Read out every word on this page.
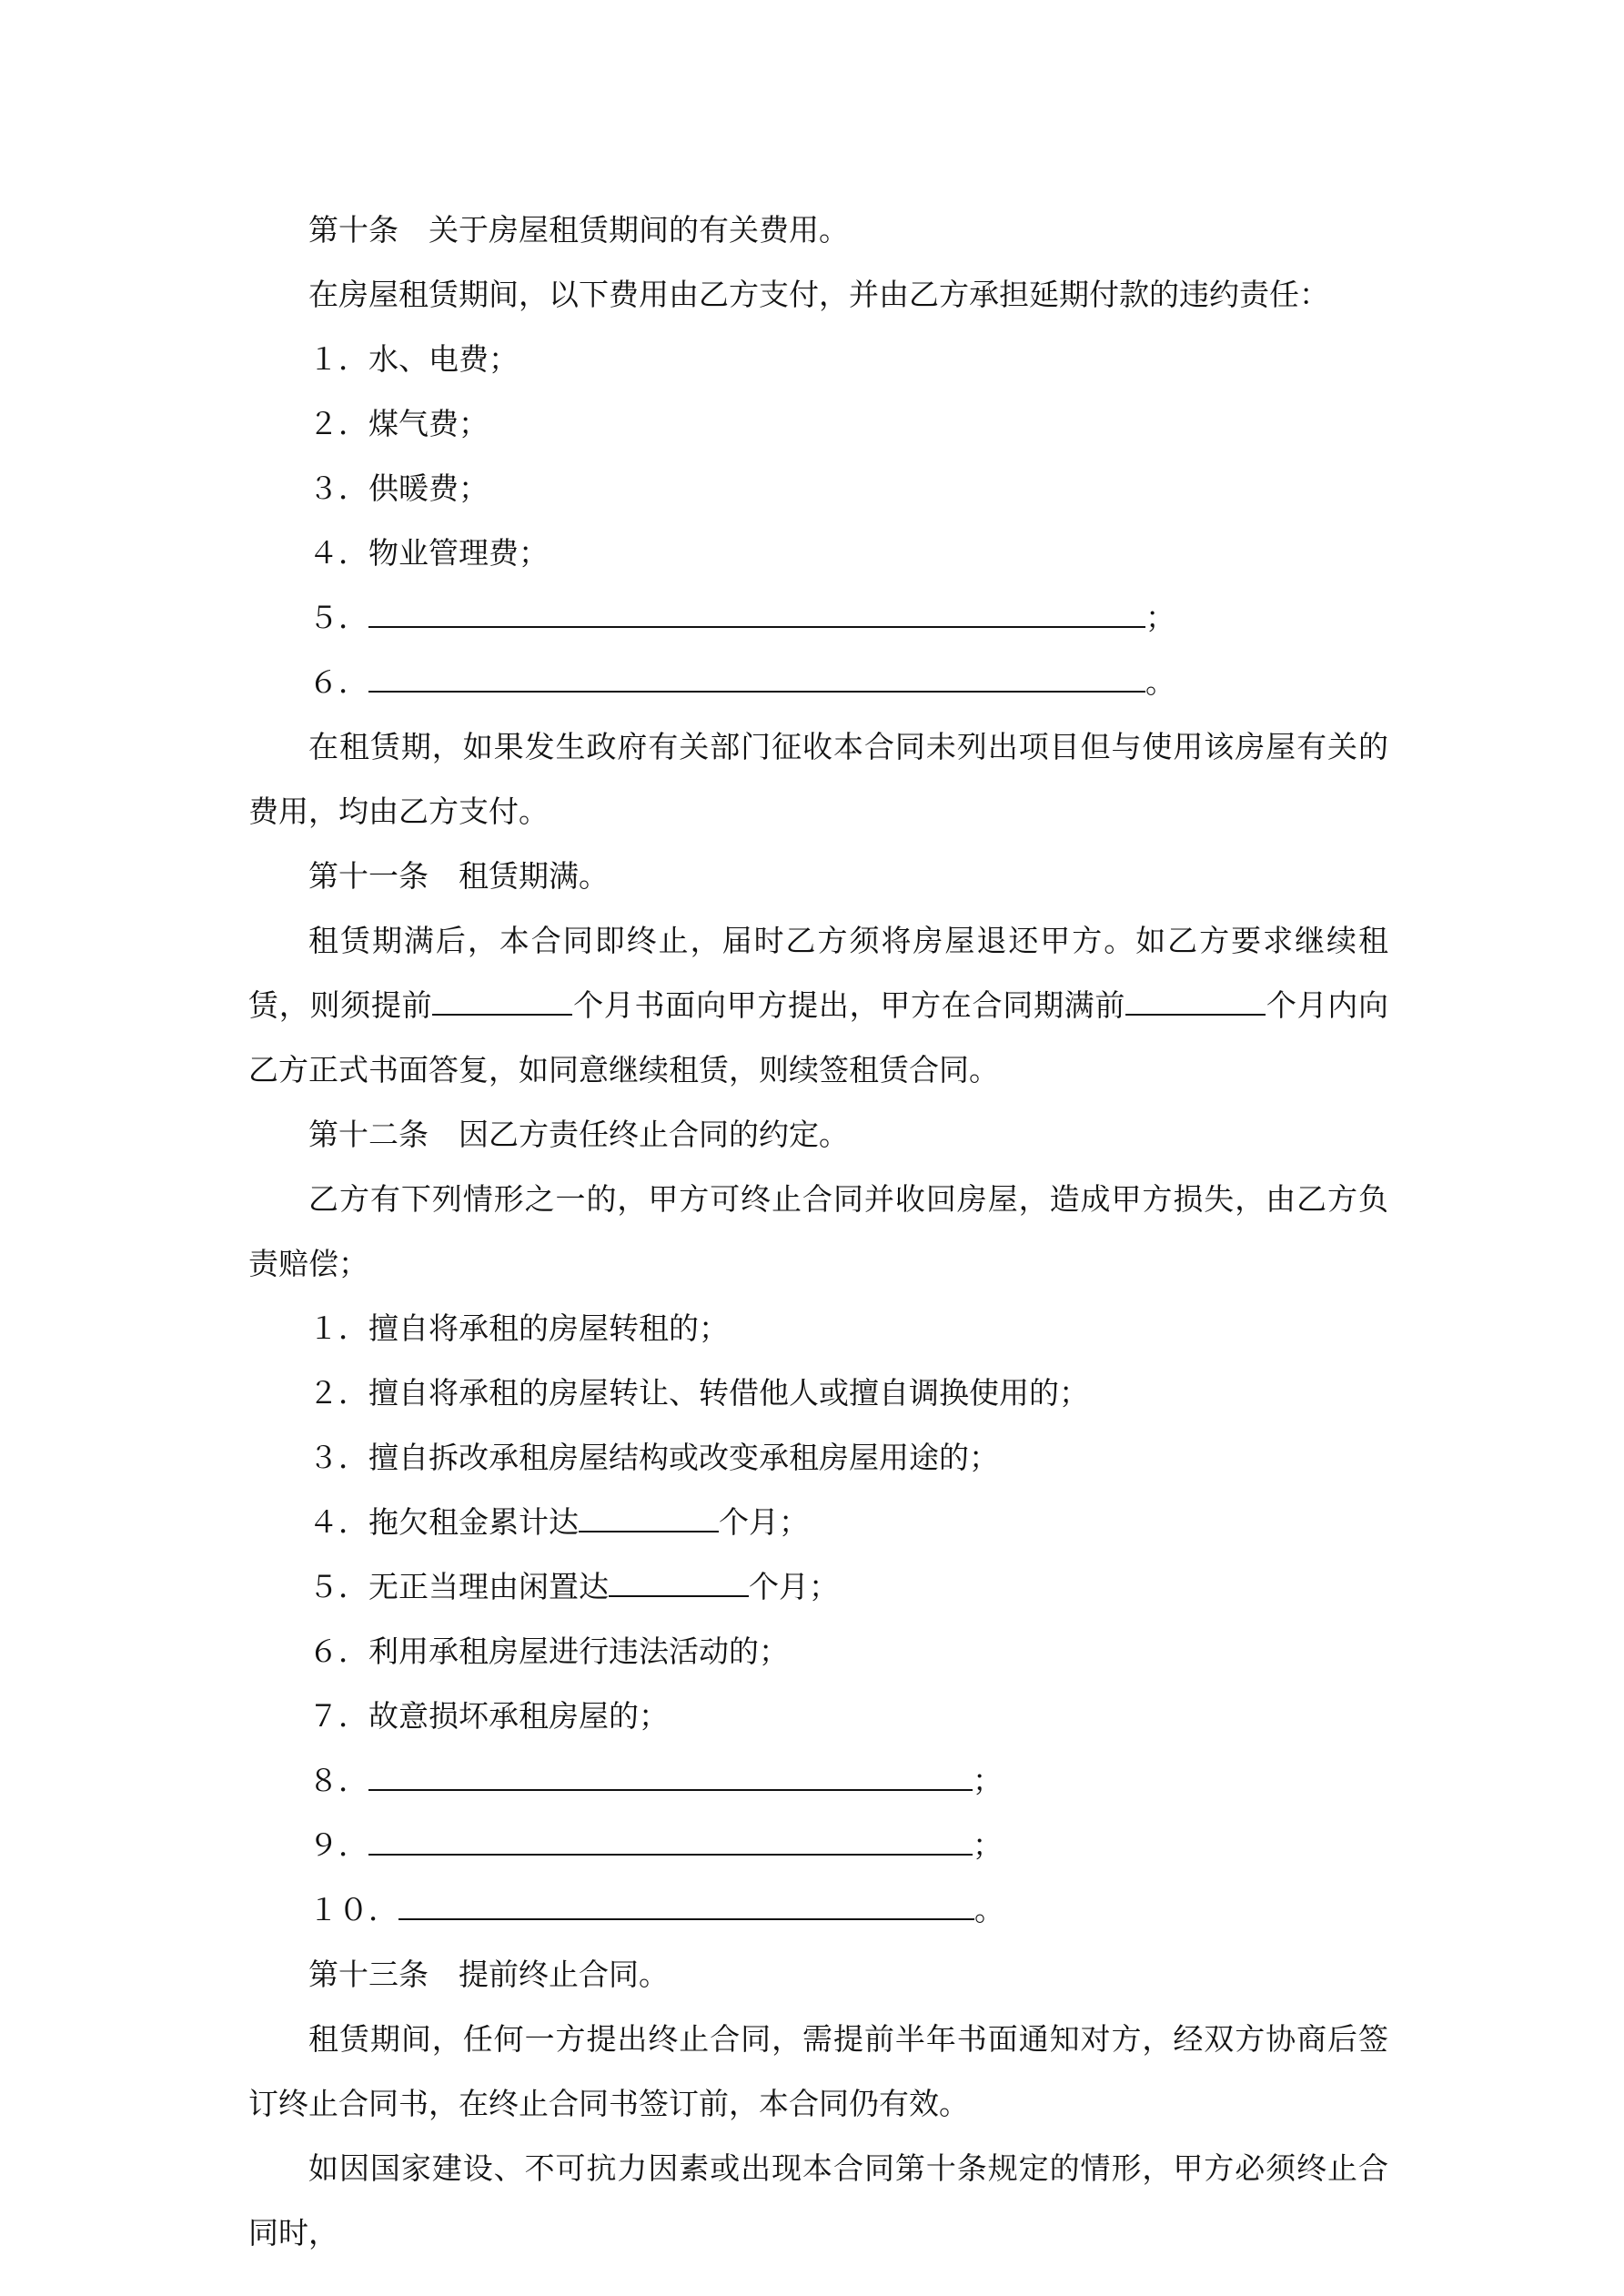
第十条　关于房屋租赁期间的有关费用。
在房屋租赁期间，以下费用由乙方支付，并由乙方承担延期付款的违约责任：
１．水、电费；
２．煤气费；
３．供暖费；
４．物业管理费；
５．	；
６．	。
在租赁期，如果发生政府有关部门征收本合同未列出项目但与使用该房屋有关的费用，均由乙方支付。
第十一条　租赁期满。
租赁期满后，本合同即终止，届时乙方须将房屋退还甲方。如乙方要求继续租赁，则须提前	个月书面向甲方提出，甲方在合同期满前	个月内向乙方正式书面答复，如同意继续租赁，则续签租赁合同。
第十二条　因乙方责任终止合同的约定。
乙方有下列情形之一的，甲方可终止合同并收回房屋，造成甲方损失，由乙方负责赔偿；
１．擅自将承租的房屋转租的；
２．擅自将承租的房屋转让、转借他人或擅自调换使用的；
３．擅自拆改承租房屋结构或改变承租房屋用途的；
４．拖欠租金累计达	个月；
５．无正当理由闲置达	个月；
６．利用承租房屋进行违法活动的；
７．故意损坏承租房屋的；
８．	；
９．	；
１０．	。
第十三条　提前终止合同。
租赁期间，任何一方提出终止合同，需提前半年书面通知对方，经双方协商后签订终止合同书，在终止合同书签订前，本合同仍有效。
如因国家建设、不可抗力因素或出现本合同第十条规定的情形，甲方必须终止合同时，
